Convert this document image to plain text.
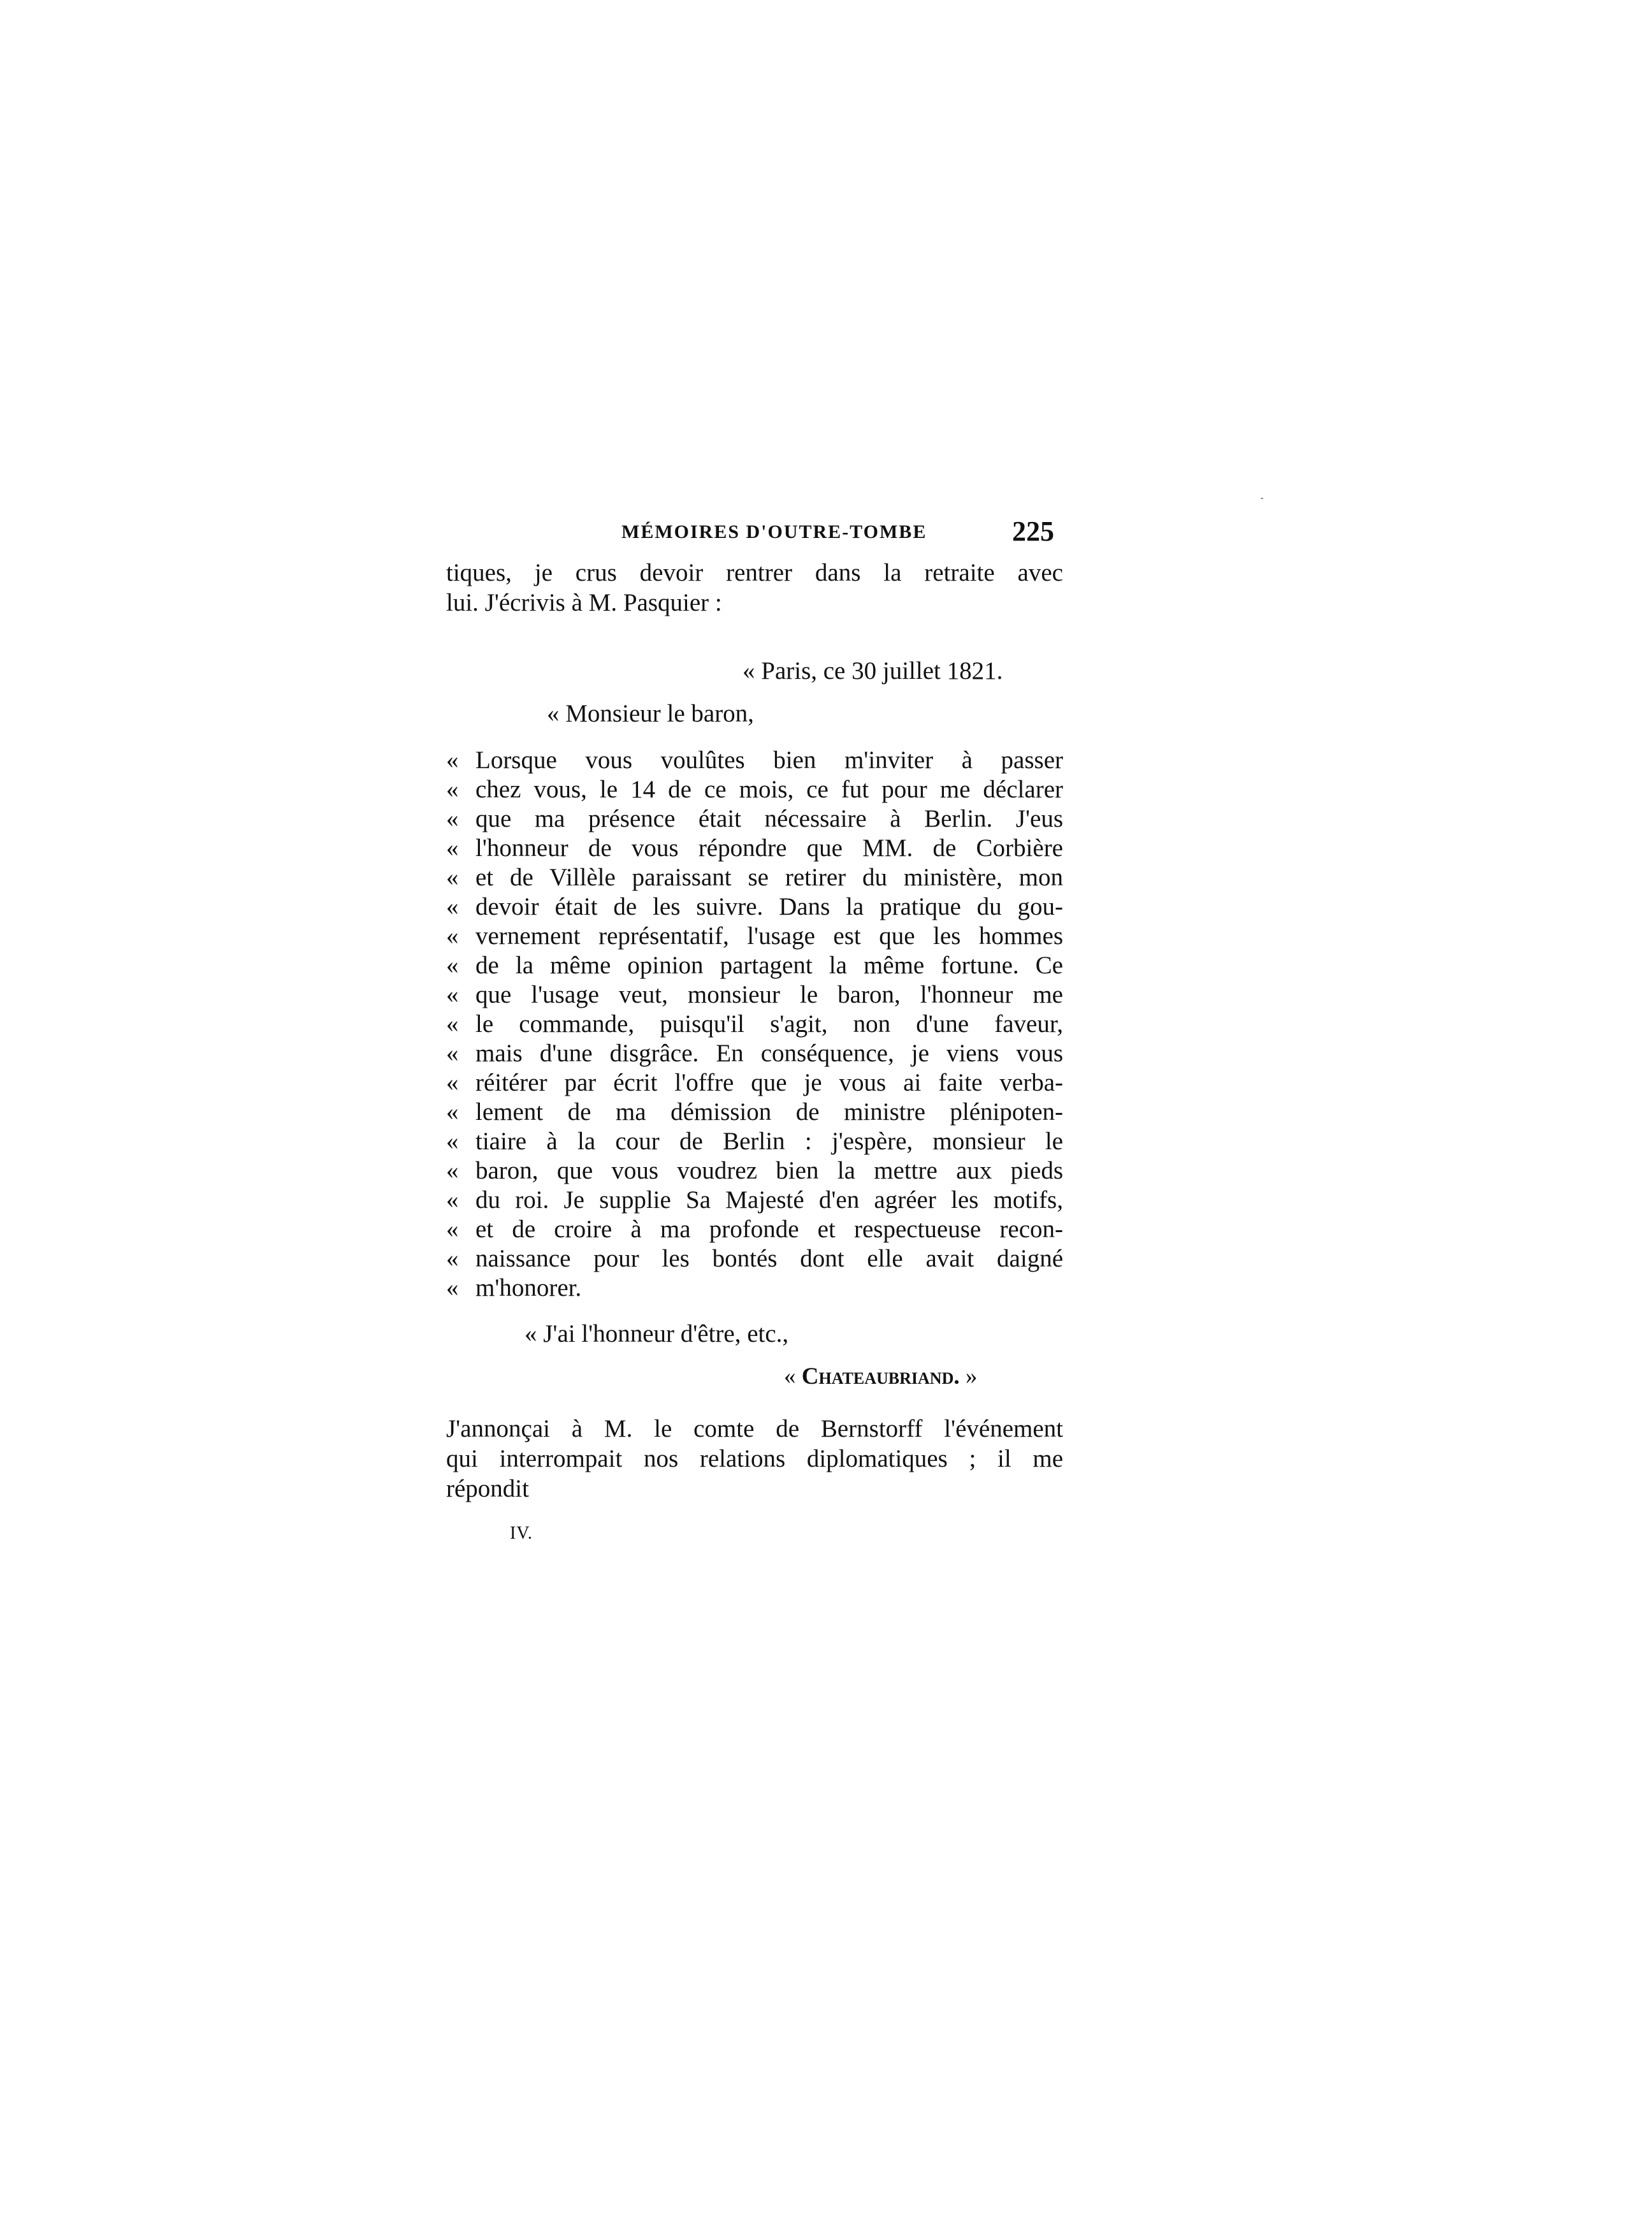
MÉMOIRES D'OUTRE-TOMBE	225
tiques, je crus devoir rentrer dans la retraite avec
lui. J'écrivis à M. Pasquier :
« Paris, ce 30 juillet 1821.
« Monsieur le baron,
« Lorsque vous voulûtes bien m'inviter à passer
« chez vous, le 14 de ce mois, ce fut pour me déclarer
« que ma présence était nécessaire à Berlin. J'eus
« l'honneur de vous répondre que MM. de Corbière
« et de Villèle paraissant se retirer du ministère, mon
« devoir était de les suivre. Dans la pratique du gou-
« vernement représentatif, l'usage est que les hommes
« de la même opinion partagent la même fortune. Ce
« que l'usage veut, monsieur le baron, l'honneur me
« le commande, puisqu'il s'agit, non d'une faveur,
« mais d'une disgrâce. En conséquence, je viens vous
« réitérer par écrit l'offre que je vous ai faite verba-
« lement de ma démission de ministre plénipoten-
« tiaire à la cour de Berlin : j'espère, monsieur le
« baron, que vous voudrez bien la mettre aux pieds
« du roi. Je supplie Sa Majesté d'en agréer les motifs,
« et de croire à ma profonde et respectueuse recon-
« naissance pour les bontés dont elle avait daigné
« m'honorer.
« J'ai l'honneur d'être, etc.,
« Chateaubriand. »
J'annonçai à M. le comte de Bernstorff l'événement
qui interrompait nos relations diplomatiques ; il me
répondit
IV.
